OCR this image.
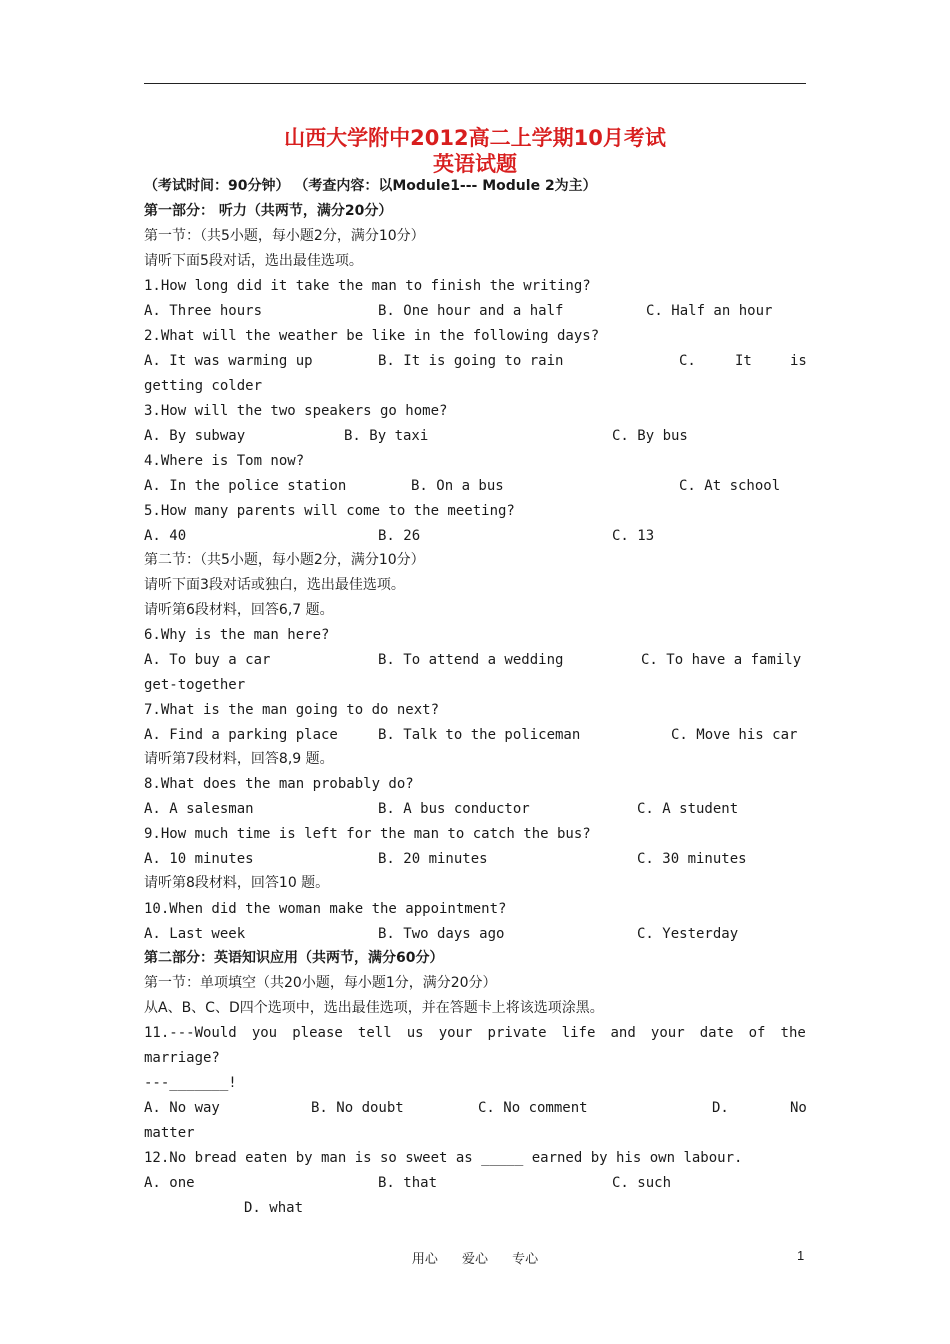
山西大学附中2012高二上学期10月考试
英语试题
（考试时间：90分钟） （考查内容：以Module1--- Module 2为主）
第一部分： 听力（共两节，满分20分）
第一节：（共5小题，每小题2分，满分10分）
请听下面5段对话，选出最佳选项。
1.How long did it take the man to finish the writing?
A. Three hours	B. One hour and a half	C. Half an hour
2.What will the weather be like in the following days?
A. It was warming up	B. It is going to rain	C.	It	is
getting colder
3.How will the two speakers go home?
A. By subway	B. By taxi	C. By bus
4.Where is Tom now?
A. In the police station	B. On a bus	C. At school
5.How many parents will come to the meeting?
A. 40	B. 26	C. 13
第二节：（共5小题，每小题2分，满分10分）
请听下面3段对话或独白，选出最佳选项。
请听第6段材料，回答6,7 题。
6.Why is the man here?
A. To buy a car	B. To attend a wedding	C. To have a family
get-together
7.What is the man going to do next?
A. Find a parking place	B. Talk to the policeman	C. Move his car
请听第7段材料，回答8,9 题。
8.What does the man probably do?
A. A salesman	B. A bus conductor	C. A student
9.How much time is left for the man to catch the bus?
A. 10 minutes	B. 20 minutes	C. 30 minutes
请听第8段材料，回答10 题。
10.When did the woman make the appointment?
A. Last week	B. Two days ago	C. Yesterday
第二部分：英语知识应用（共两节，满分60分）
第一节：单项填空（共20小题，每小题1分，满分20分）
从A、B、C、D四个选项中，选出最佳选项，并在答题卡上将该选项涂黑。
11.---Would you please tell us your private life and your date of the
marriage?
---_______!
A. No way	B. No doubt	C. No comment	D.	No
matter
12.No bread eaten by man is so sweet as _____ earned by his own labour.
A. one	B. that	C. such
D. what
用心 爱心 专心	1
